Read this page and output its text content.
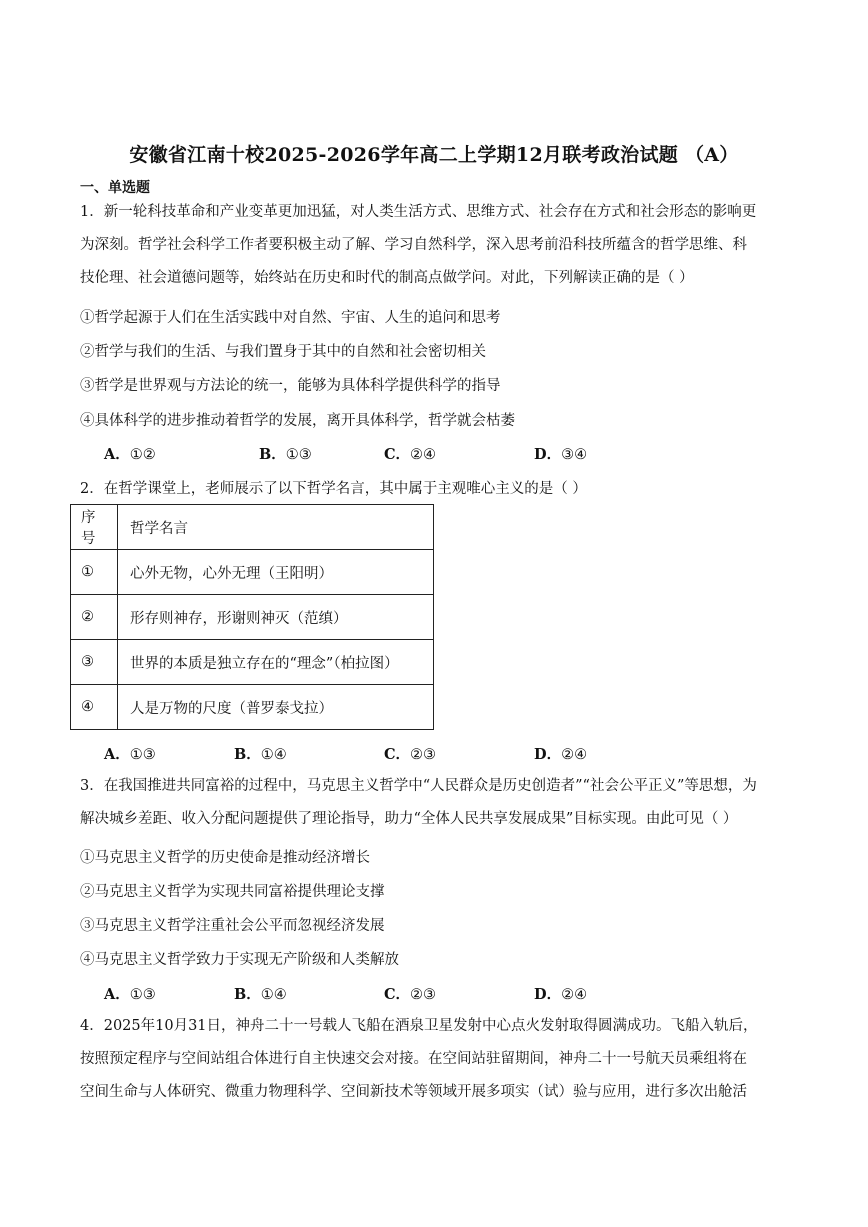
安徽省江南十校2025-2026学年高二上学期12月联考政治试题 （A）
一、单选题
1．新一轮科技革命和产业变革更加迅猛，对人类生活方式、思维方式、社会存在方式和社会形态的影响更
为深刻。哲学社会科学工作者要积极主动了解、学习自然科学，深入思考前沿科技所蕴含的哲学思维、科
技伦理、社会道德问题等，始终站在历史和时代的制高点做学问。对此，下列解读正确的是（ ）
①哲学起源于人们在生活实践中对自然、宇宙、人生的追问和思考
②哲学与我们的生活、与我们置身于其中的自然和社会密切相关
③哲学是世界观与方法论的统一，能够为具体科学提供科学的指导
④具体科学的进步推动着哲学的发展，离开具体科学，哲学就会枯萎
A．①②	B．①③	C．②④	D．③④
2．在哲学课堂上，老师展示了以下哲学名言，其中属于主观唯心主义的是（ ）
序号	哲学名言
①	心外无物，心外无理（王阳明）
②	形存则神存，形谢则神灭（范缜）
③	世界的本质是独立存在的“理念”（柏拉图）
④	人是万物的尺度（普罗泰戈拉）
A．①③	B．①④	C．②③	D．②④
3．在我国推进共同富裕的过程中，马克思主义哲学中“人民群众是历史创造者”“社会公平正义”等思想，为
解决城乡差距、收入分配问题提供了理论指导，助力“全体人民共享发展成果”目标实现。由此可见（ ）
①马克思主义哲学的历史使命是推动经济增长
②马克思主义哲学为实现共同富裕提供理论支撑
③马克思主义哲学注重社会公平而忽视经济发展
④马克思主义哲学致力于实现无产阶级和人类解放
A．①③	B．①④	C．②③	D．②④
4．2025年10月31日，神舟二十一号载人飞船在酒泉卫星发射中心点火发射取得圆满成功。飞船入轨后，
按照预定程序与空间站组合体进行自主快速交会对接。在空间站驻留期间，神舟二十一号航天员乘组将在
空间生命与人体研究、微重力物理科学、空间新技术等领域开展多项实（试）验与应用，进行多次出舱活
